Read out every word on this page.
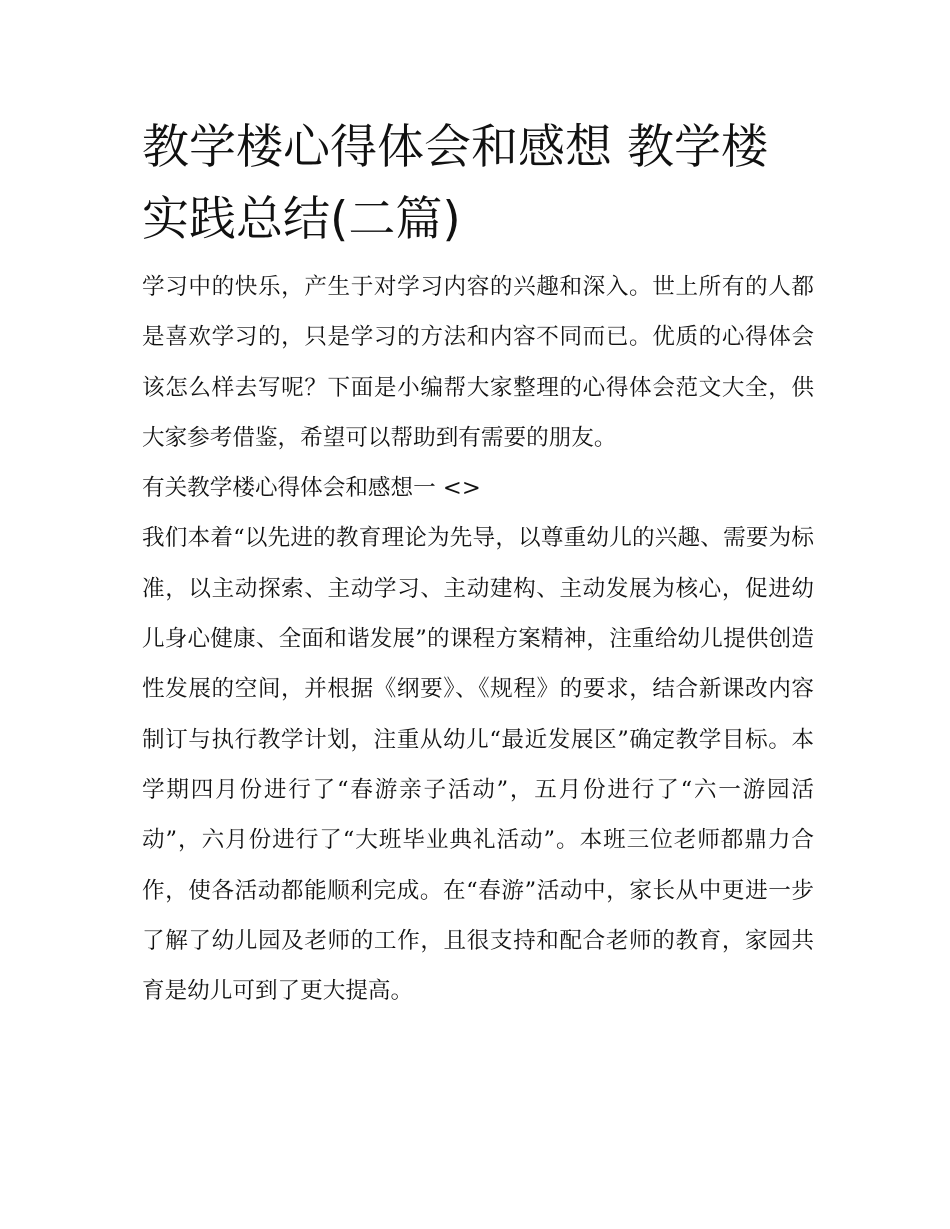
教学楼心得体会和感想 教学楼实践总结(二篇)

学习中的快乐，产生于对学习内容的兴趣和深入。世上所有的人都是喜欢学习的，只是学习的方法和内容不同而已。优质的心得体会该怎么样去写呢？下面是小编帮大家整理的心得体会范文大全，供大家参考借鉴，希望可以帮助到有需要的朋友。

有关教学楼心得体会和感想一 <>

我们本着“以先进的教育理论为先导，以尊重幼儿的兴趣、需要为标准，以主动探索、主动学习、主动建构、主动发展为核心，促进幼儿身心健康、全面和谐发展”的课程方案精神，注重给幼儿提供创造性发展的空间，并根据《纲要》、《规程》的要求，结合新课改内容制订与执行教学计划，注重从幼儿“最近发展区”确定教学目标。本学期四月份进行了“春游亲子活动”，五月份进行了“六一游园活动”，六月份进行了“大班毕业典礼活动”。本班三位老师都鼎力合作，使各活动都能顺利完成。在“春游”活动中，家长从中更进一步了解了幼儿园及老师的工作，且很支持和配合老师的教育，家园共育是幼儿可到了更大提高。
